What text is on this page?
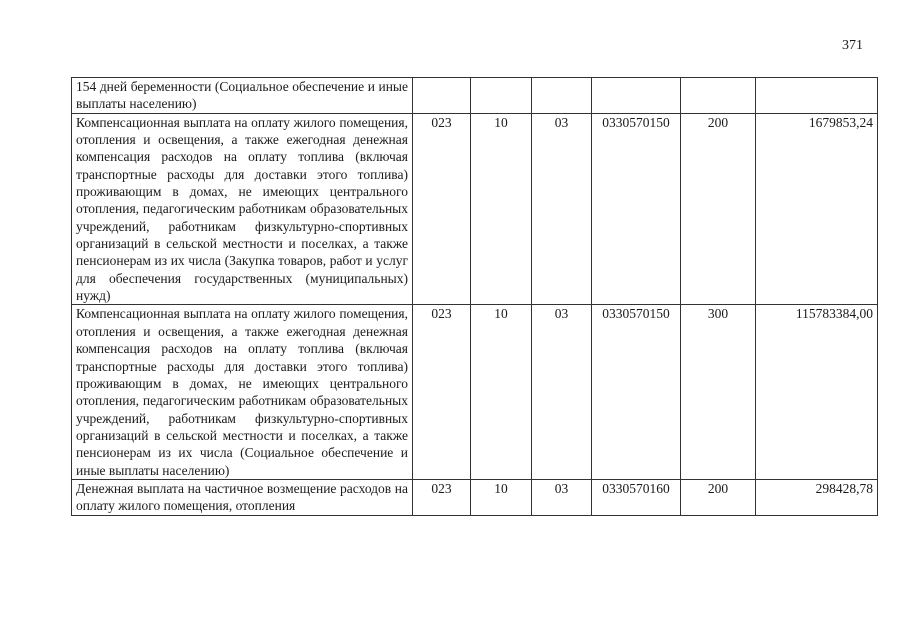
371
154 дней беременности (Социальное обеспечение и иные выплаты населению)						
Компенсационная выплата на оплату жилого помещения, отопления и освещения, а также ежегодная денежная компенсация расходов на оплату топлива (включая транспортные расходы для доставки этого топлива) проживающим в домах, не имеющих центрального отопления, педагогическим работникам образовательных учреждений, работникам физкультурно-спортивных организаций в сельской местности и поселках, а также пенсионерам из их числа (Закупка товаров, работ и услуг для обеспечения государственных (муниципальных) нужд)	023	10	03	0330570150	200	1679853,24
Компенсационная выплата на оплату жилого помещения, отопления и освещения, а также ежегодная денежная компенсация расходов на оплату топлива (включая транспортные расходы для доставки этого топлива) проживающим в домах, не имеющих центрального отопления, педагогическим работникам образовательных учреждений, работникам физкультурно-спортивных организаций в сельской местности и поселках, а также пенсионерам из их числа (Социальное обеспечение и иные выплаты населению)	023	10	03	0330570150	300	115783384,00
Денежная выплата на частичное возмещение расходов на оплату жилого помещения, отопления	023	10	03	0330570160	200	298428,78
